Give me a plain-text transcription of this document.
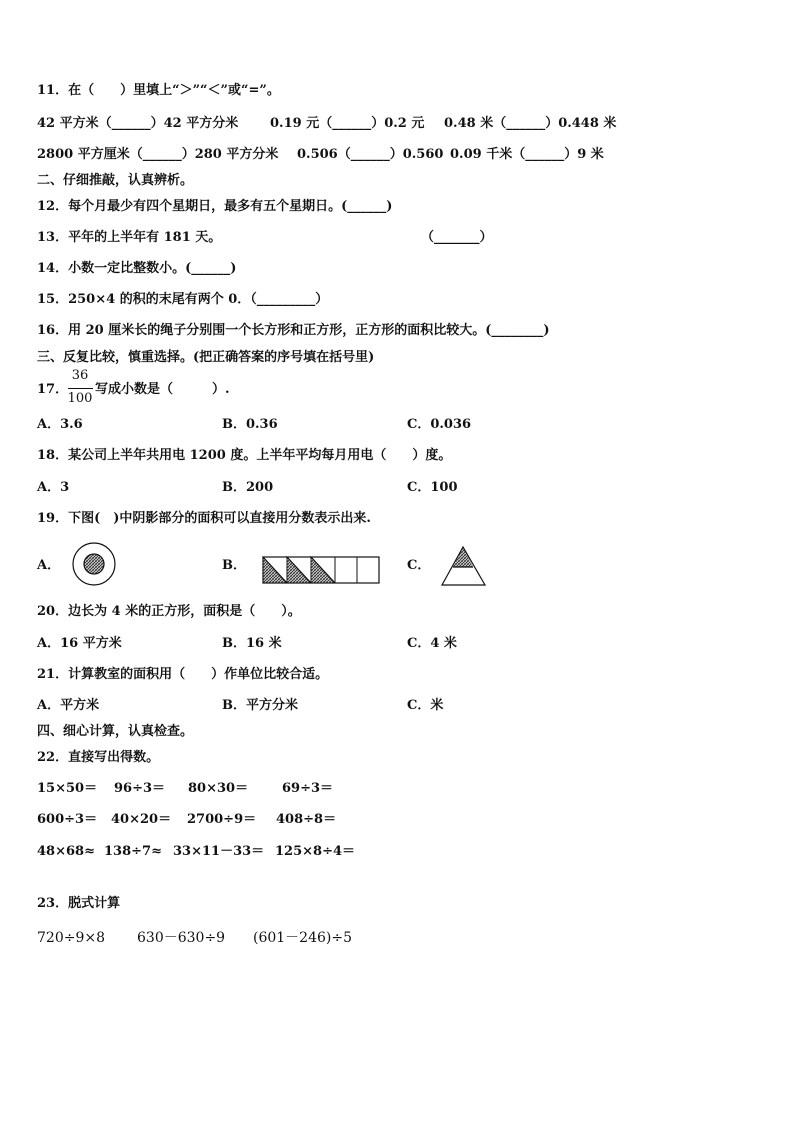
11．在（　　）里填上“＞”“＜”或“=”。
42 平方米（______）42 平方分米 0.19 元（______）0.2 元 0.48 米（______）0.448 米
2800 平方厘米（______）280 平方分米 0.506（______）0.560 0.09 千米（______）9 米
二、仔细推敲，认真辨析。
12．每个月最少有四个星期日，最多有五个星期日。(______)
13．平年的上半年有 181 天。	（_______）
14．小数一定比整数小。(______)
15．250×4 的积的末尾有两个 0．（_________）
16．用 20 厘米长的绳子分别围一个长方形和正方形，正方形的面积比较大。(________)
三、反复比较，慎重选择。(把正确答案的序号填在括号里)
17．
36
100
写成小数是（　　　）.
A．3.6	B．0.36	C．0.036
18．某公司上半年共用电 1200 度。上半年平均每月用电（　　）度。
A．3	B．200	C．100
19．下图(　)中阴影部分的面积可以直接用分数表示出来.
A．	B．	C．
20．边长为 4 米的正方形，面积是（　　）。
A．16 平方米	B．16 米	C．4 米
21．计算教室的面积用（　　）作单位比较合适。
A．平方米	B．平方分米	C．米
四、细心计算，认真检查。
22．直接写出得数。
15×50＝ 96÷3＝ 80×30＝	69÷3＝
600÷3＝ 40×20＝ 2700÷9＝ 408÷8＝
48×68≈ 138÷7≈ 33×11－33＝ 125×8÷4＝
23．脱式计算
720÷9×8 630－630÷9 (601－246)÷5
